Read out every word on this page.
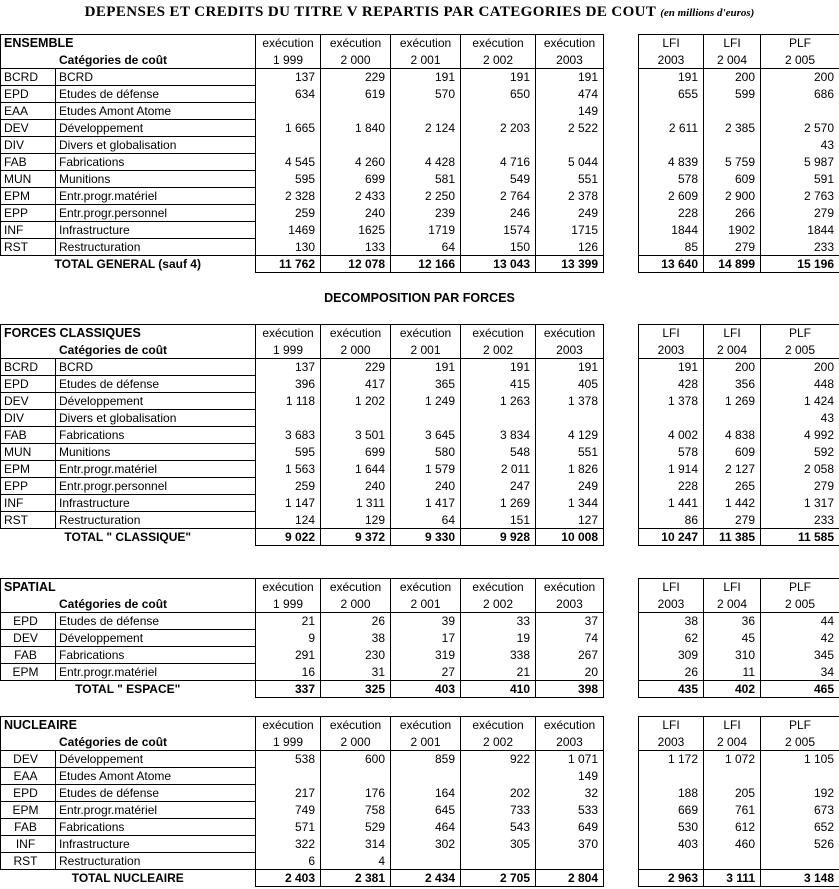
DEPENSES ET CREDITS DU TITRE V REPARTIS PAR CATEGORIES DE COUT (en millions d'euros)
ENSEMBLE
Catégories de coût		exécution	exécution	exécution	exécution	exécution		LFI	LFI	PLF
		1 999	2 000	2 001	2 002	2003		2003	2 004	2 005
BCRD	BCRD	137	229	191	191	191		191	200	200
EPD	Etudes de défense	634	619	570	650	474		655	599	686
EAA	Etudes Amont Atome					149				
DEV	Développement	1 665	1 840	2 124	2 203	2 522		2 611	2 385	2 570
DIV	Divers et globalisation									43
FAB	Fabrications	4 545	4 260	4 428	4 716	5 044		4 839	5 759	5 987
MUN	Munitions	595	699	581	549	551		578	609	591
EPM	Entr.progr.matériel	2 328	2 433	2 250	2 764	2 378		2 609	2 900	2 763
EPP	Entr.progr.personnel	259	240	239	246	249		228	266	279
INF	Infrastructure	1469	1625	1719	1574	1715		1844	1902	1844
RST	Restructuration	130	133	64	150	126		85	279	233
TOTAL GENERAL (sauf 4)		11 762	12 078	12 166	13 043	13 399		13 640	14 899	15 196
DECOMPOSITION PAR FORCES
FORCES CLASSIQUES
Catégories de coût		exécution	exécution	exécution	exécution	exécution		LFI	LFI	PLF
		1 999	2 000	2 001	2 002	2003		2003	2 004	2 005
BCRD	BCRD	137	229	191	191	191		191	200	200
EPD	Etudes de défense	396	417	365	415	405		428	356	448
DEV	Développement	1 118	1 202	1 249	1 263	1 378		1 378	1 269	1 424
DIV	Divers et globalisation									43
FAB	Fabrications	3 683	3 501	3 645	3 834	4 129		4 002	4 838	4 992
MUN	Munitions	595	699	580	548	551		578	609	592
EPM	Entr.progr.matériel	1 563	1 644	1 579	2 011	1 826		1 914	2 127	2 058
EPP	Entr.progr.personnel	259	240	240	247	249		228	265	279
INF	Infrastructure	1 147	1 311	1 417	1 269	1 344		1 441	1 442	1 317
RST	Restructuration	124	129	64	151	127		86	279	233
TOTAL " CLASSIQUE"		9 022	9 372	9 330	9 928	10 008		10 247	11 385	11 585
SPATIAL
Catégories de coût		exécution	exécution	exécution	exécution	exécution		LFI	LFI	PLF
		1 999	2 000	2 001	2 002	2003		2003	2 004	2 005
EPD	Etudes de défense	21	26	39	33	37		38	36	44
DEV	Développement	9	38	17	19	74		62	45	42
FAB	Fabrications	291	230	319	338	267		309	310	345
EPM	Entr.progr.matériel	16	31	27	21	20		26	11	34
TOTAL " ESPACE"		337	325	403	410	398		435	402	465
NUCLEAIRE
Catégories de coût		exécution	exécution	exécution	exécution	exécution		LFI	LFI	PLF
		1 999	2 000	2 001	2 002	2003		2003	2 004	2 005
DEV	Développement	538	600	859	922	1 071		1 172	1 072	1 105
EAA	Etudes Amont Atome					149				
EPD	Etudes de défense	217	176	164	202	32		188	205	192
EPM	Entr.progr.matériel	749	758	645	733	533		669	761	673
FAB	Fabrications	571	529	464	543	649		530	612	652
INF	Infrastructure	322	314	302	305	370		403	460	526
RST	Restructuration	6	4							
TOTAL NUCLEAIRE		2 403	2 381	2 434	2 705	2 804		2 963	3 111	3 148
